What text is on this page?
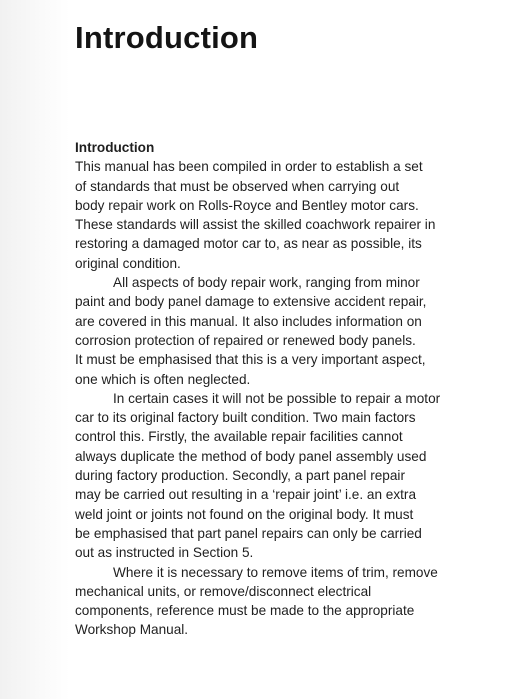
Introduction
Introduction

This manual has been compiled in order to establish a set
of standards that must be observed when carrying out
body repair work on Rolls-Royce and Bentley motor cars.
These standards will assist the skilled coachwork repairer in
restoring a damaged motor car to, as near as possible, its
original condition.

All aspects of body repair work, ranging from minor
paint and body panel damage to extensive accident repair,
are covered in this manual. It also includes information on
corrosion protection of repaired or renewed body panels.
It must be emphasised that this is a very important aspect,
one which is often neglected.

In certain cases it will not be possible to repair a motor
car to its original factory built condition. Two main factors
control this. Firstly, the available repair facilities cannot
always duplicate the method of body panel assembly used
during factory production. Secondly, a part panel repair
may be carried out resulting in a ‘repair joint’ i.e. an extra
weld joint or joints not found on the original body. It must
be emphasised that part panel repairs can only be carried
out as instructed in Section 5.

Where it is necessary to remove items of trim, remove
mechanical units, or remove/disconnect electrical
components, reference must be made to the appropriate
Workshop Manual.
